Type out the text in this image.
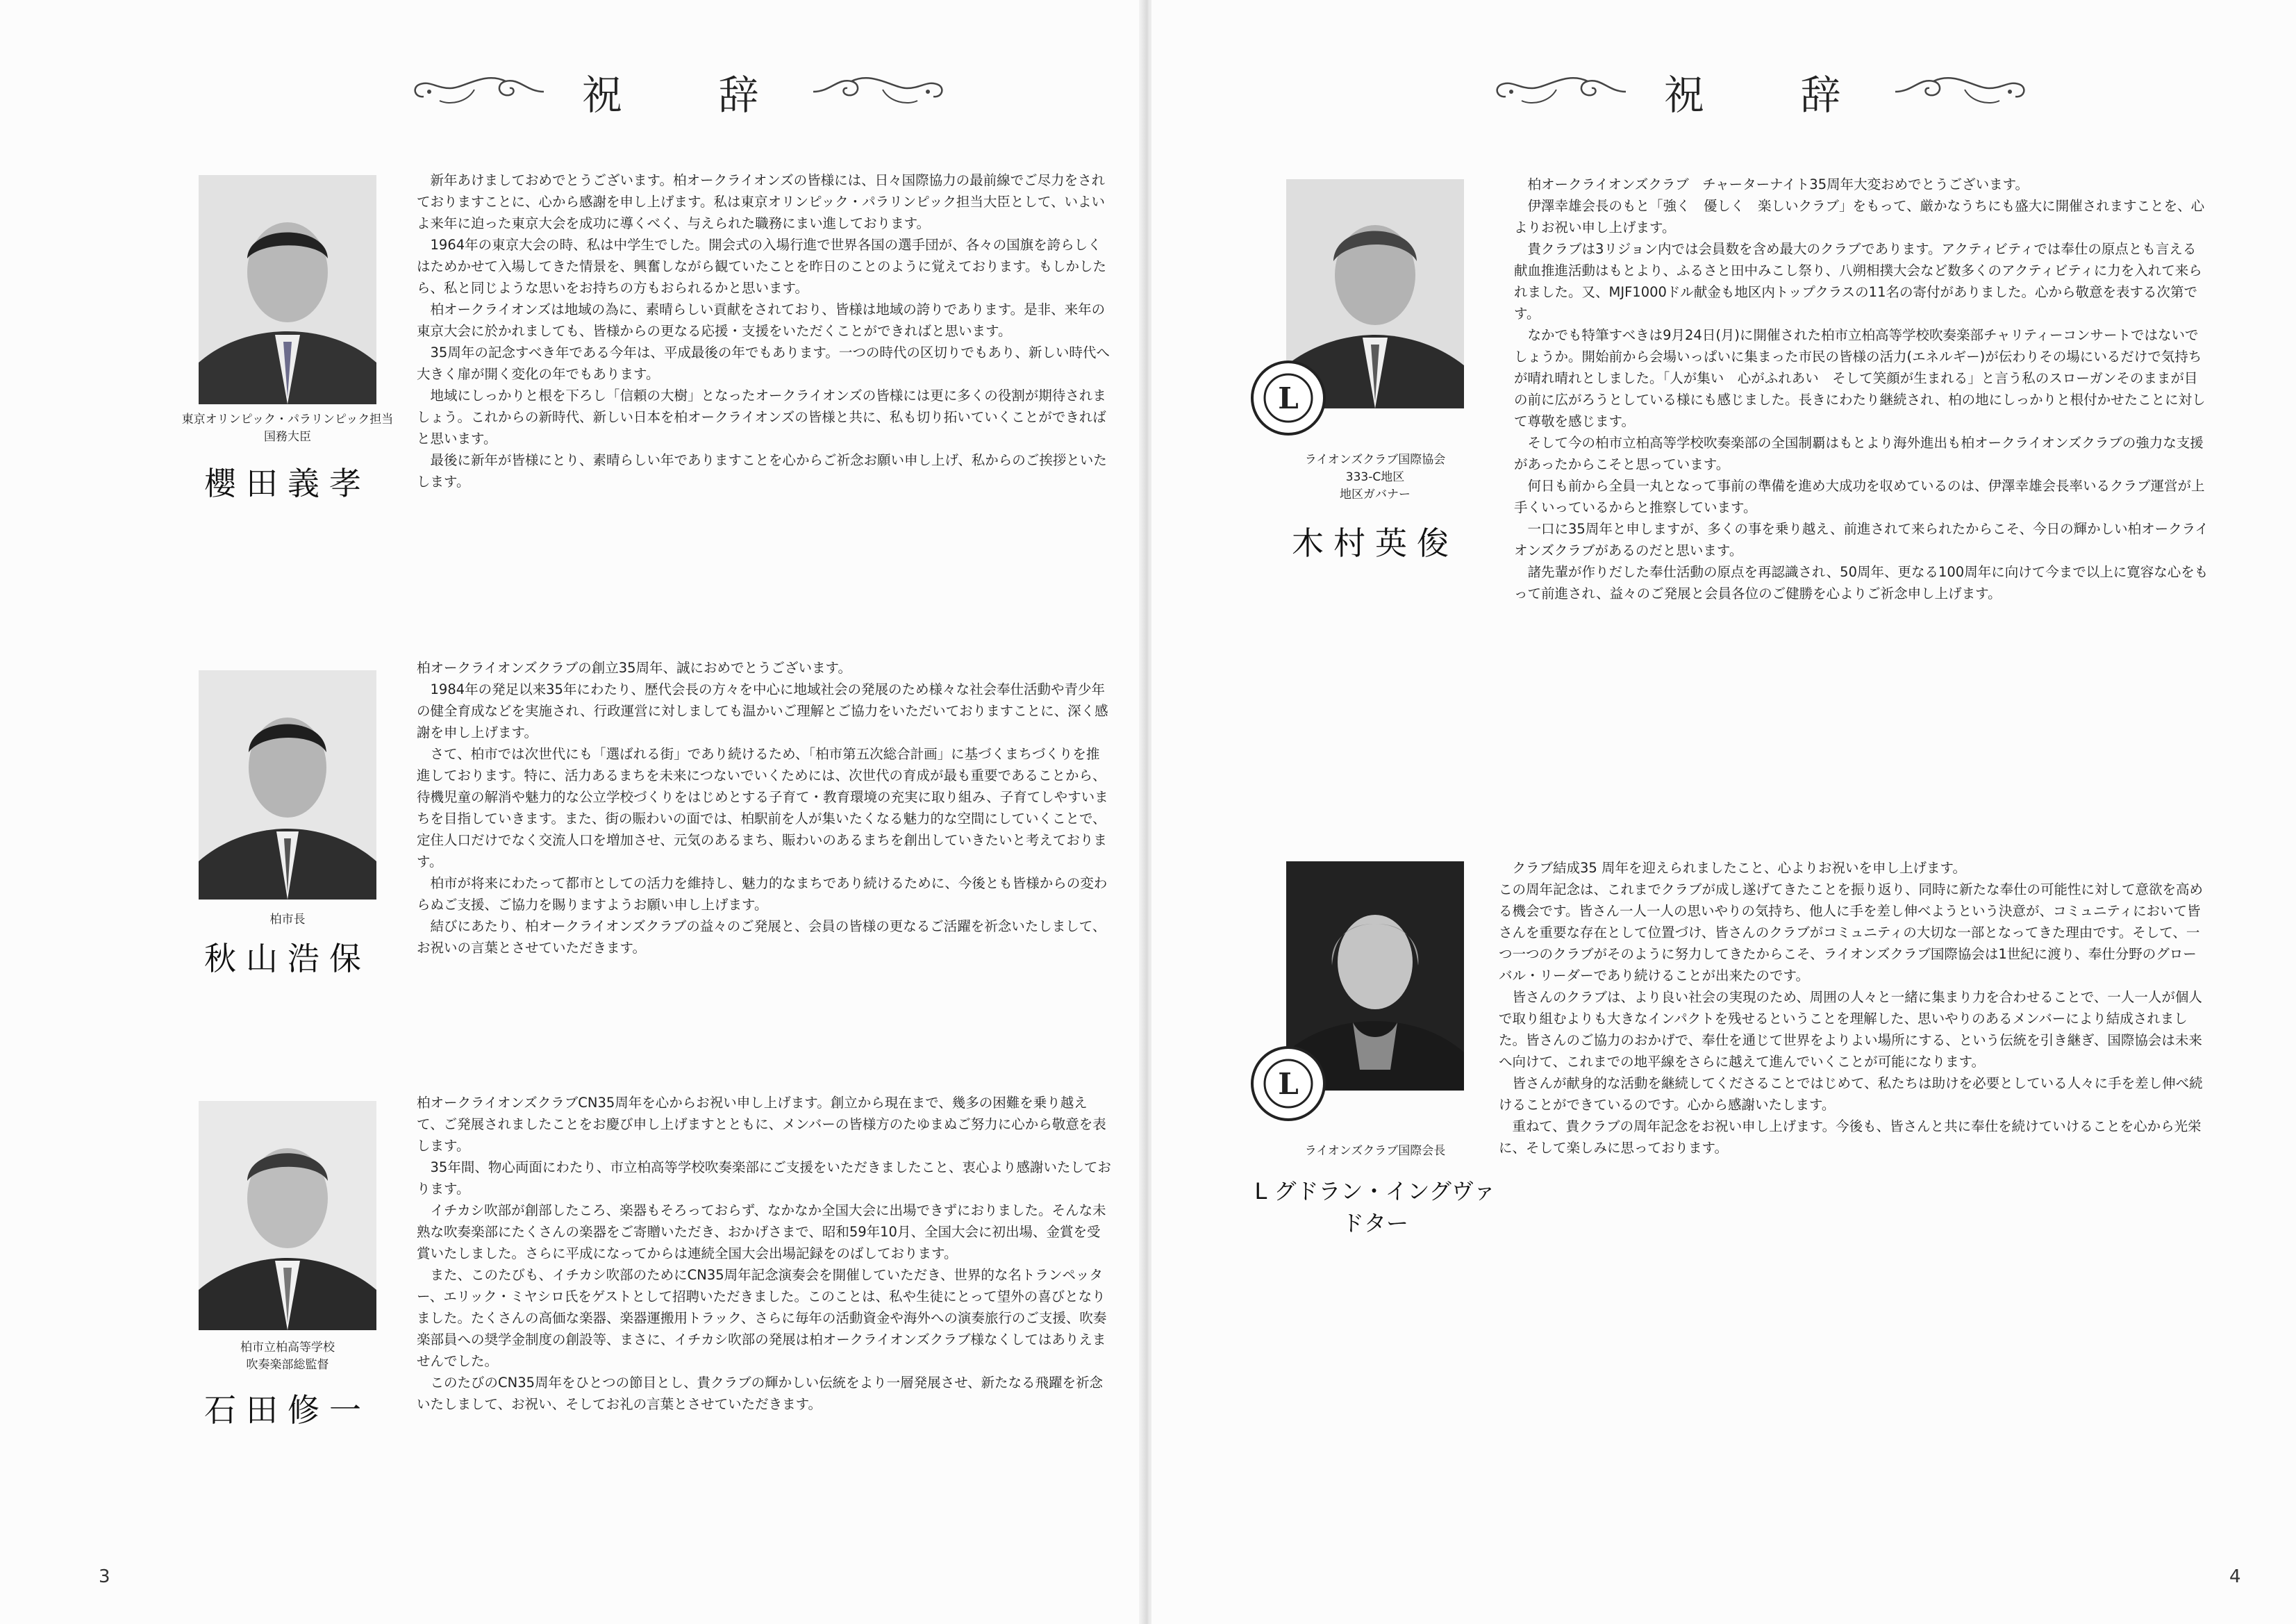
祝 辞
東京オリンピック・パラリンピック担当
国務大臣
櫻田義孝

新年あけましておめでとうございます。柏オークライオンズの皆様には、日々国際協力の最前線でご尽力をされておりますことに、心から感謝を申し上げます。私は東京オリンピック・パラリンピック担当大臣として、いよいよ来年に迫った東京大会を成功に導くべく、与えられた職務にまい進しております。

1964年の東京大会の時、私は中学生でした。開会式の入場行進で世界各国の選手団が、各々の国旗を誇らしくはためかせて入場してきた情景を、興奮しながら観ていたことを昨日のことのように覚えております。もしかしたら、私と同じような思いをお持ちの方もおられるかと思います。

柏オークライオンズは地域の為に、素晴らしい貢献をされており、皆様は地域の誇りであります。是非、来年の東京大会に於かれましても、皆様からの更なる応援・支援をいただくことができればと思います。

35周年の記念すべき年である今年は、平成最後の年でもあります。一つの時代の区切りでもあり、新しい時代へ大きく扉が開く変化の年でもあります。

地域にしっかりと根を下ろし「信頼の大樹」となったオークライオンズの皆様には更に多くの役割が期待されましょう。これからの新時代、新しい日本を柏オークライオンズの皆様と共に、私も切り拓いていくことができればと思います。

最後に新年が皆様にとり、素晴らしい年でありますことを心からご祈念お願い申し上げ、私からのご挨拶といたします。

柏市長
秋山浩保

柏オークライオンズクラブの創立35周年、誠におめでとうございます。

1984年の発足以来35年にわたり、歴代会長の方々を中心に地域社会の発展のため様々な社会奉仕活動や青少年の健全育成などを実施され、行政運営に対しましても温かいご理解とご協力をいただいておりますことに、深く感謝を申し上げます。

さて、柏市では次世代にも「選ばれる街」であり続けるため、「柏市第五次総合計画」に基づくまちづくりを推進しております。特に、活力あるまちを未来につないでいくためには、次世代の育成が最も重要であることから、待機児童の解消や魅力的な公立学校づくりをはじめとする子育て・教育環境の充実に取り組み、子育てしやすいまちを目指していきます。また、街の賑わいの面では、柏駅前を人が集いたくなる魅力的な空間にしていくことで、定住人口だけでなく交流人口を増加させ、元気のあるまち、賑わいのあるまちを創出していきたいと考えております。

柏市が将来にわたって都市としての活力を維持し、魅力的なまちであり続けるために、今後とも皆様からの変わらぬご支援、ご協力を賜りますようお願い申し上げます。

結びにあたり、柏オークライオンズクラブの益々のご発展と、会員の皆様の更なるご活躍を祈念いたしまして、お祝いの言葉とさせていただきます。

柏市立柏高等学校
吹奏楽部総監督
石田修一

柏オークライオンズクラブCN35周年を心からお祝い申し上げます。創立から現在まで、幾多の困難を乗り越えて、ご発展されましたことをお慶び申し上げますとともに、メンバーの皆様方のたゆまぬご努力に心から敬意を表します。

35年間、物心両面にわたり、市立柏高等学校吹奏楽部にご支援をいただきましたこと、衷心より感謝いたしております。

イチカシ吹部が創部したころ、楽器もそろっておらず、なかなか全国大会に出場できずにおりました。そんな未熟な吹奏楽部にたくさんの楽器をご寄贈いただき、おかげさまで、昭和59年10月、全国大会に初出場、金賞を受賞いたしました。さらに平成になってからは連続全国大会出場記録をのばしております。

また、このたびも、イチカシ吹部のためにCN35周年記念演奏会を開催していただき、世界的な名トランペッター、エリック・ミヤシロ氏をゲストとして招聘いただきました。このことは、私や生徒にとって望外の喜びとなりました。たくさんの高価な楽器、楽器運搬用トラック、さらに毎年の活動資金や海外への演奏旅行のご支援、吹奏楽部員への奨学金制度の創設等、まさに、イチカシ吹部の発展は柏オークライオンズクラブ様なくしてはありえませんでした。

このたびのCN35周年をひとつの節目とし、貴クラブの輝かしい伝統をより一層発展させ、新たなる飛躍を祈念いたしまして、お祝い、そしてお礼の言葉とさせていただきます。

3
祝 辞
L
ライオンズクラブ国際協会
333-C地区
地区ガバナー
木村英俊

柏オークライオンズクラブ　チャーターナイト35周年大変おめでとうございます。

伊澤幸雄会長のもと「強く　優しく　楽しいクラブ」をもって、厳かなうちにも盛大に開催されますことを、心よりお祝い申し上げます。

貴クラブは3リジョン内では会員数を含め最大のクラブであります。アクティビティでは奉仕の原点とも言える献血推進活動はもとより、ふるさと田中みこし祭り、八朔相撲大会など数多くのアクティビティに力を入れて来られました。又、MJF1000ドル献金も地区内トップクラスの11名の寄付がありました。心から敬意を表する次第です。

なかでも特筆すべきは9月24日(月)に開催された柏市立柏高等学校吹奏楽部チャリティーコンサートではないでしょうか。開始前から会場いっぱいに集まった市民の皆様の活力(エネルギー)が伝わりその場にいるだけで気持ちが晴れ晴れとしました。「人が集い　心がふれあい　そして笑顔が生まれる」と言う私のスローガンそのままが目の前に広がろうとしている様にも感じました。長きにわたり継続され、柏の地にしっかりと根付かせたことに対して尊敬を感じます。

そして今の柏市立柏高等学校吹奏楽部の全国制覇はもとより海外進出も柏オークライオンズクラブの強力な支援があったからこそと思っています。

何日も前から全員一丸となって事前の準備を進め大成功を収めているのは、伊澤幸雄会長率いるクラブ運営が上手くいっているからと推察しています。

一口に35周年と申しますが、多くの事を乗り越え、前進されて来られたからこそ、今日の輝かしい柏オークライオンズクラブがあるのだと思います。

諸先輩が作りだした奉仕活動の原点を再認識され、50周年、更なる100周年に向けて今まで以上に寛容な心をもって前進され、益々のご発展と会員各位のご健勝を心よりご祈念申し上げます。

L
ライオンズクラブ国際会長
L グドラン・イングヴァドター

クラブ結成35 周年を迎えられましたこと、心よりお祝いを申し上げます。

この周年記念は、これまでクラブが成し遂げてきたことを振り返り、同時に新たな奉仕の可能性に対して意欲を高める機会です。皆さん一人一人の思いやりの気持ち、他人に手を差し伸べようという決意が、コミュニティにおいて皆さんを重要な存在として位置づけ、皆さんのクラブがコミュニティの大切な一部となってきた理由です。そして、一つ一つのクラブがそのように努力してきたからこそ、ライオンズクラブ国際協会は1世紀に渡り、奉仕分野のグローバル・リーダーであり続けることが出来たのです。

皆さんのクラブは、より良い社会の実現のため、周囲の人々と一緒に集まり力を合わせることで、一人一人が個人で取り組むよりも大きなインパクトを残せるということを理解した、思いやりのあるメンバーにより結成されました。皆さんのご協力のおかげで、奉仕を通じて世界をよりよい場所にする、という伝統を引き継ぎ、国際協会は未来へ向けて、これまでの地平線をさらに越えて進んでいくことが可能になります。

皆さんが献身的な活動を継続してくださることではじめて、私たちは助けを必要としている人々に手を差し伸べ続けることができているのです。心から感謝いたします。

重ねて、貴クラブの周年記念をお祝い申し上げます。今後も、皆さんと共に奉仕を続けていけることを心から光栄に、そして楽しみに思っております。

4
